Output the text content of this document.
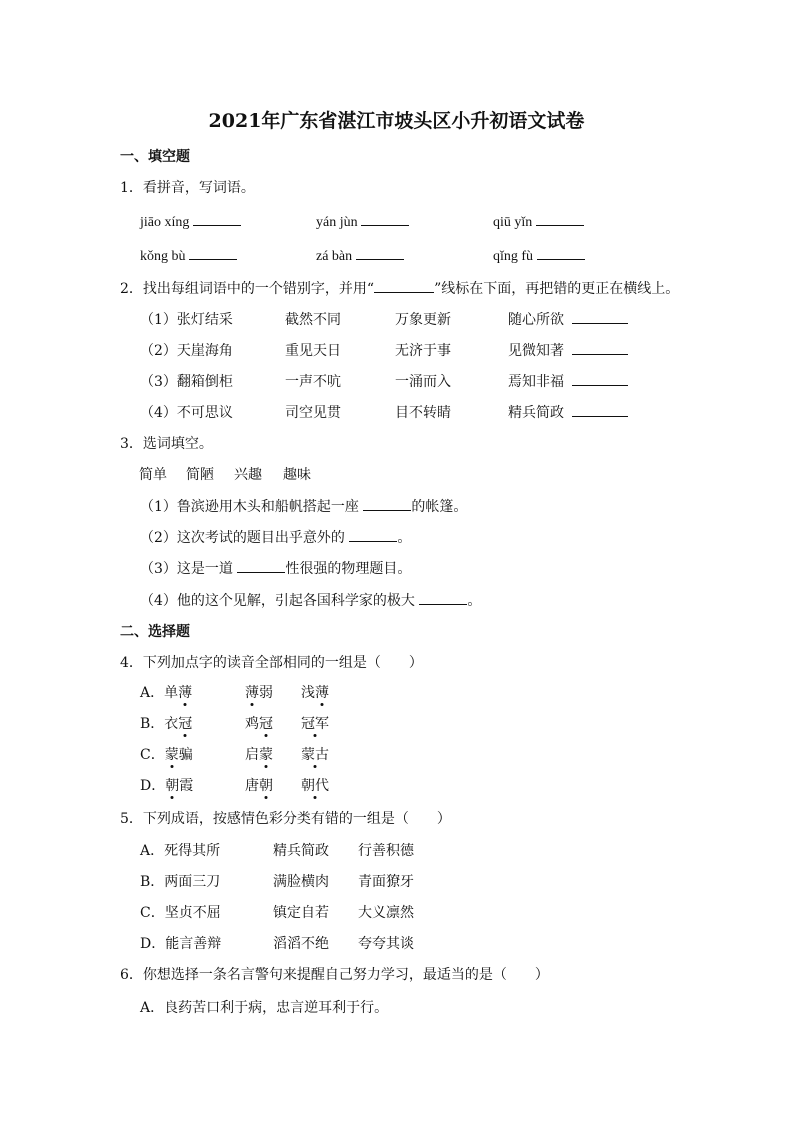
2021年广东省湛江市坡头区小升初语文试卷
一、填空题
1．看拼音，写词语。
jiāo xíng	yán jùn	qiū yǐn
kǒng bù	zá bàn	qǐng fù
2．找出每组词语中的一个错别字，并用“	”线标在下面，再把错的更正在横线上。
（1）张灯结采	截然不同	万象更新	随心所欲
（2）天崖海角	重见天日	无济于事	见微知著
（3）翻箱倒柜	一声不吭	一涌而入	焉知非福
（4）不可思议	司空见贯	目不转睛	精兵简政
3．选词填空。
简单 简陋 兴趣 趣味
（1）鲁滨逊用木头和船帆搭起一座	的帐篷。
（2）这次考试的题目出乎意外的	。
（3）这是一道	性很强的物理题目。
（4）他的这个见解，引起各国科学家的极大	。
二、选择题
4．下列加点字的读音全部相同的一组是（　　）
A．单薄	薄弱 浅薄
B．衣冠	鸡冠 冠军
C．蒙骗	启蒙 蒙古
D．朝霞	唐朝 朝代
5．下列成语，按感情色彩分类有错的一组是（　　）
A．死得其所	精兵简政 行善积德
B．两面三刀	满脸横肉 青面獠牙
C．坚贞不屈	镇定自若 大义凛然
D．能言善辩	滔滔不绝 夸夸其谈
6．你想选择一条名言警句来提醒自己努力学习，最适当的是（　　）
A．良药苦口利于病，忠言逆耳利于行。
